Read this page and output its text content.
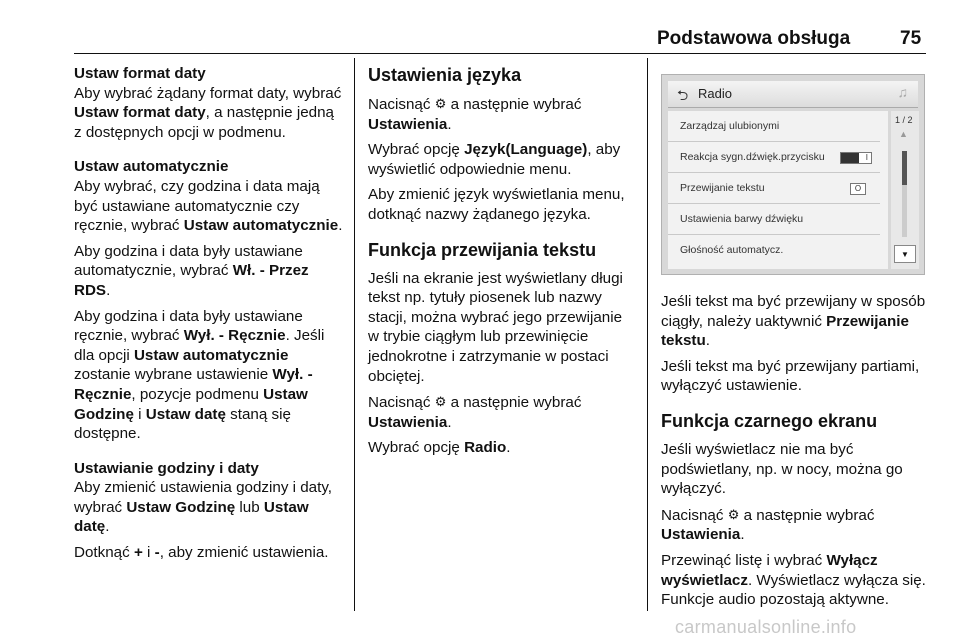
Podstawowa obsługa	75

Ustaw format daty

Aby wybrać żądany format daty, wybrać Ustaw format daty, a następnie jedną z dostępnych opcji w podmenu.

Ustaw automatycznie

Aby wybrać, czy godzina i data mają być ustawiane automatycznie czy ręcznie, wybrać Ustaw automatycznie.

Aby godzina i data były ustawiane automatycznie, wybrać Wł. - Przez RDS.

Aby godzina i data były ustawiane ręcznie, wybrać Wył. - Ręcznie. Jeśli dla opcji Ustaw automatycznie zostanie wybrane ustawienie Wył. - Ręcznie, pozycje podmenu Ustaw Godzinę i Ustaw datę staną się dostępne.

Ustawianie godziny i daty

Aby zmienić ustawienia godziny i daty, wybrać Ustaw Godzinę lub Ustaw datę.

Dotknąć + i -, aby zmienić ustawienia.

Ustawienia języka

Nacisnąć ⚙ a następnie wybrać Ustawienia.

Wybrać opcję Język(Language), aby wyświetlić odpowiednie menu.

Aby zmienić język wyświetlania menu, dotknąć nazwy żądanego języka.

Funkcja przewijania tekstu

Jeśli na ekranie jest wyświetlany długi tekst np. tytuły piosenek lub nazwy stacji, można wybrać jego przewijanie w trybie ciągłym lub przewinięcie jednokrotne i zatrzymanie w postaci obciętej.

Nacisnąć ⚙ a następnie wybrać Ustawienia.

Wybrać opcję Radio.

⮌ Radio	♫
Zarządzaj ulubionymi
Reakcja sygn.dźwięk.przycisku	I
Przewijanie tekstu	O
Ustawienia barwy dźwięku
Głośność automatycz.
1 / 2
▲
▼

Jeśli tekst ma być przewijany w sposób ciągły, należy uaktywnić Przewijanie tekstu.

Jeśli tekst ma być przewijany partiami, wyłączyć ustawienie.

Funkcja czarnego ekranu

Jeśli wyświetlacz nie ma być podświetlany, np. w nocy, można go wyłączyć.

Nacisnąć ⚙ a następnie wybrać Ustawienia.

Przewinąć listę i wybrać Wyłącz wyświetlacz. Wyświetlacz wyłącza się. Funkcje audio pozostają aktywne.

carmanualsonline.info
